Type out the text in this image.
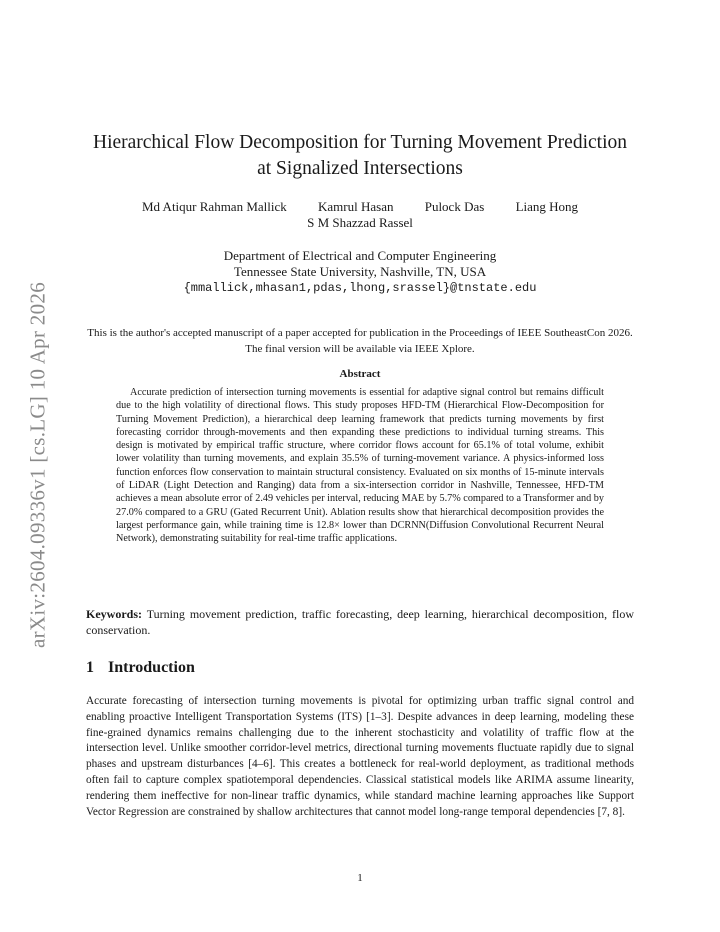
arXiv:2604.09336v1 [cs.LG] 10 Apr 2026
Hierarchical Flow Decomposition for Turning Movement Prediction
at Signalized Intersections
Md Atiqur Rahman Mallick Kamrul Hasan Pulock Das Liang Hong
S M Shazzad Rassel
Department of Electrical and Computer Engineering
Tennessee State University, Nashville, TN, USA
{mmallick,mhasan1,pdas,lhong,srassel}@tnstate.edu
This is the author's accepted manuscript of a paper accepted for publication in the Proceedings of IEEE SoutheastCon 2026. The final version will be available via IEEE Xplore.
Abstract
Accurate prediction of intersection turning movements is essential for adaptive signal control but remains difficult due to the high volatility of directional flows. This study proposes HFD-TM (Hierarchical Flow-Decomposition for Turning Movement Prediction), a hierarchical deep learning framework that predicts turning movements by first forecasting corridor through-movements and then expanding these predictions to individual turning streams. This design is motivated by empirical traffic structure, where corridor flows account for 65.1% of total volume, exhibit lower volatility than turning movements, and explain 35.5% of turning-movement variance. A physics-informed loss function enforces flow conservation to maintain structural consistency. Evaluated on six months of 15-minute intervals of LiDAR (Light Detection and Ranging) data from a six-intersection corridor in Nashville, Tennessee, HFD-TM achieves a mean absolute error of 2.49 vehicles per interval, reducing MAE by 5.7% compared to a Transformer and by 27.0% compared to a GRU (Gated Recurrent Unit). Ablation results show that hierarchical decomposition provides the largest performance gain, while training time is 12.8× lower than DCRNN(Diffusion Convolutional Recurrent Neural Network), demonstrating suitability for real-time traffic applications.
Keywords: Turning movement prediction, traffic forecasting, deep learning, hierarchical decomposition, flow conservation.
1 Introduction
Accurate forecasting of intersection turning movements is pivotal for optimizing urban traffic signal control and enabling proactive Intelligent Transportation Systems (ITS) [1–3]. Despite advances in deep learning, modeling these fine-grained dynamics remains challenging due to the inherent stochasticity and volatility of traffic flow at the intersection level. Unlike smoother corridor-level metrics, directional turning movements fluctuate rapidly due to signal phases and upstream disturbances [4–6]. This creates a bottleneck for real-world deployment, as traditional methods often fail to capture complex spatiotemporal dependencies. Classical statistical models like ARIMA assume linearity, rendering them ineffective for non-linear traffic dynamics, while standard machine learning approaches like Support Vector Regression are constrained by shallow architectures that cannot model long-range temporal dependencies [7, 8].
1
